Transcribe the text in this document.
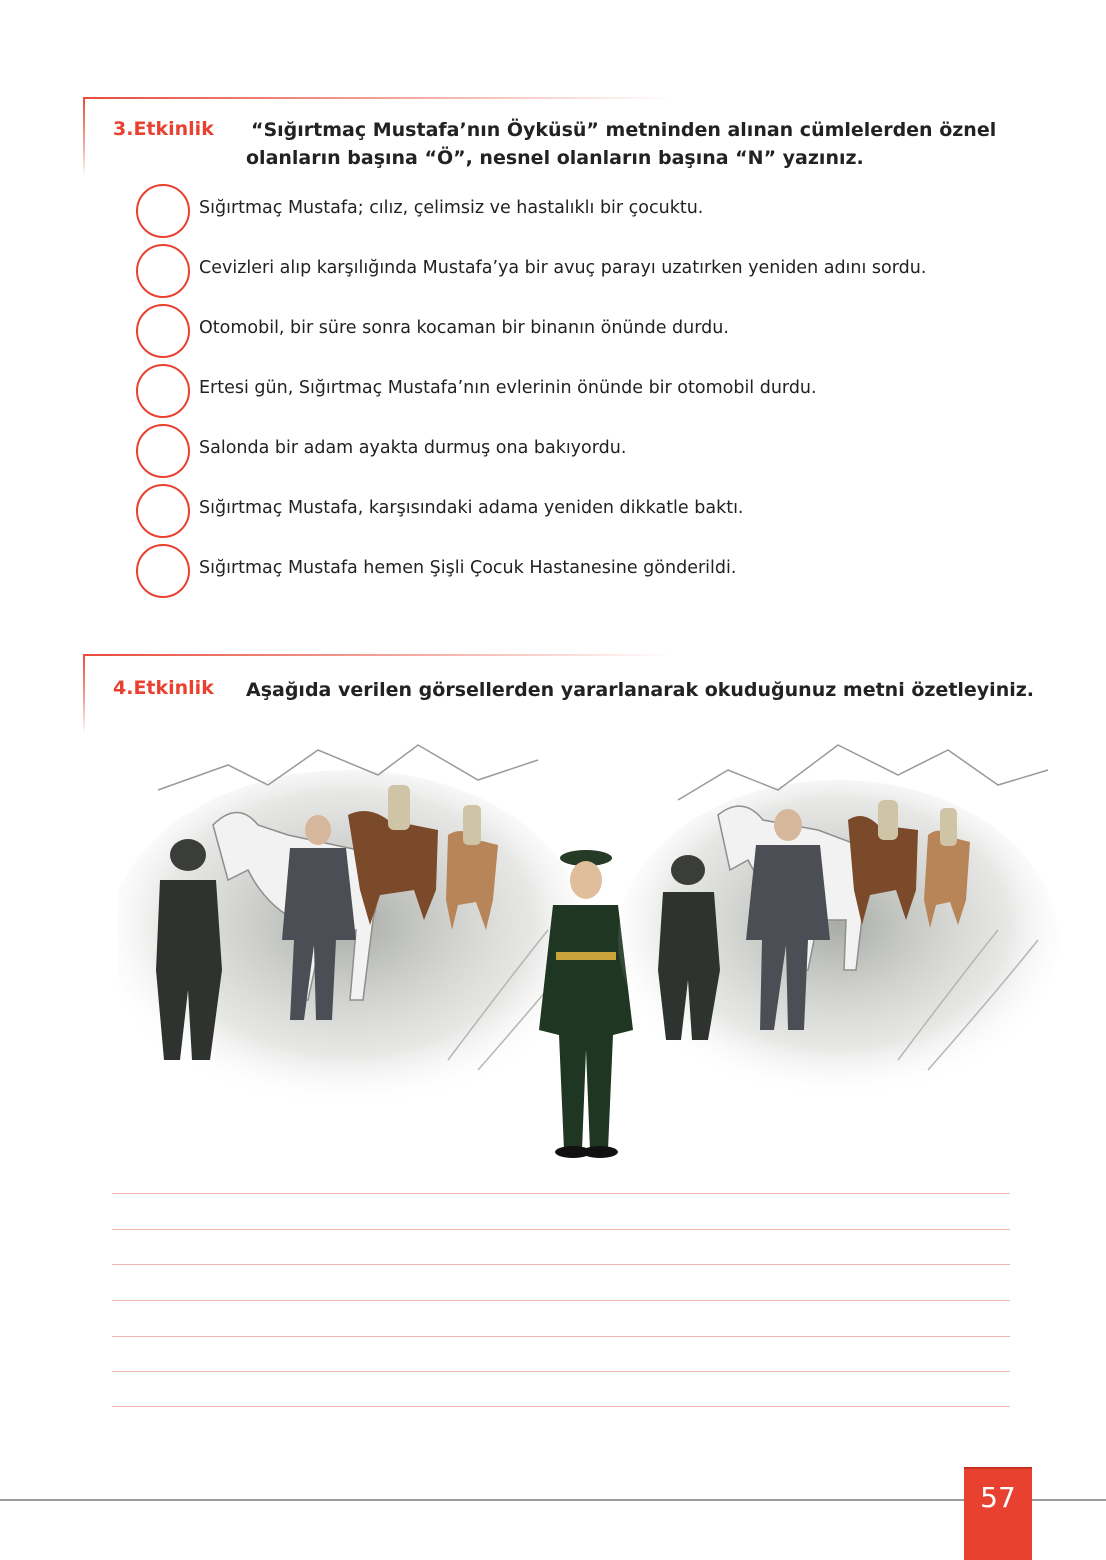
3.Etkinlik “Sığırtmaç Mustafa’nın Öyküsü” metninden alınan cümlelerden öznel
olanların başına “Ö”, nesnel olanların başına “N” yazınız.
Sığırtmaç Mustafa; cılız, çelimsiz ve hastalıklı bir çocuktu.
Cevizleri alıp karşılığında Mustafa’ya bir avuç parayı uzatırken yeniden adını sordu.
Otomobil, bir süre sonra kocaman bir binanın önünde durdu.
Ertesi gün, Sığırtmaç Mustafa’nın evlerinin önünde bir otomobil durdu.
Salonda bir adam ayakta durmuş ona bakıyordu.
Sığırtmaç Mustafa, karşısındaki adama yeniden dikkatle baktı.
Sığırtmaç Mustafa hemen Şişli Çocuk Hastanesine gönderildi.
4.Etkinlik Aşağıda verilen görsellerden yararlanarak okuduğunuz metni özetleyiniz.
57
